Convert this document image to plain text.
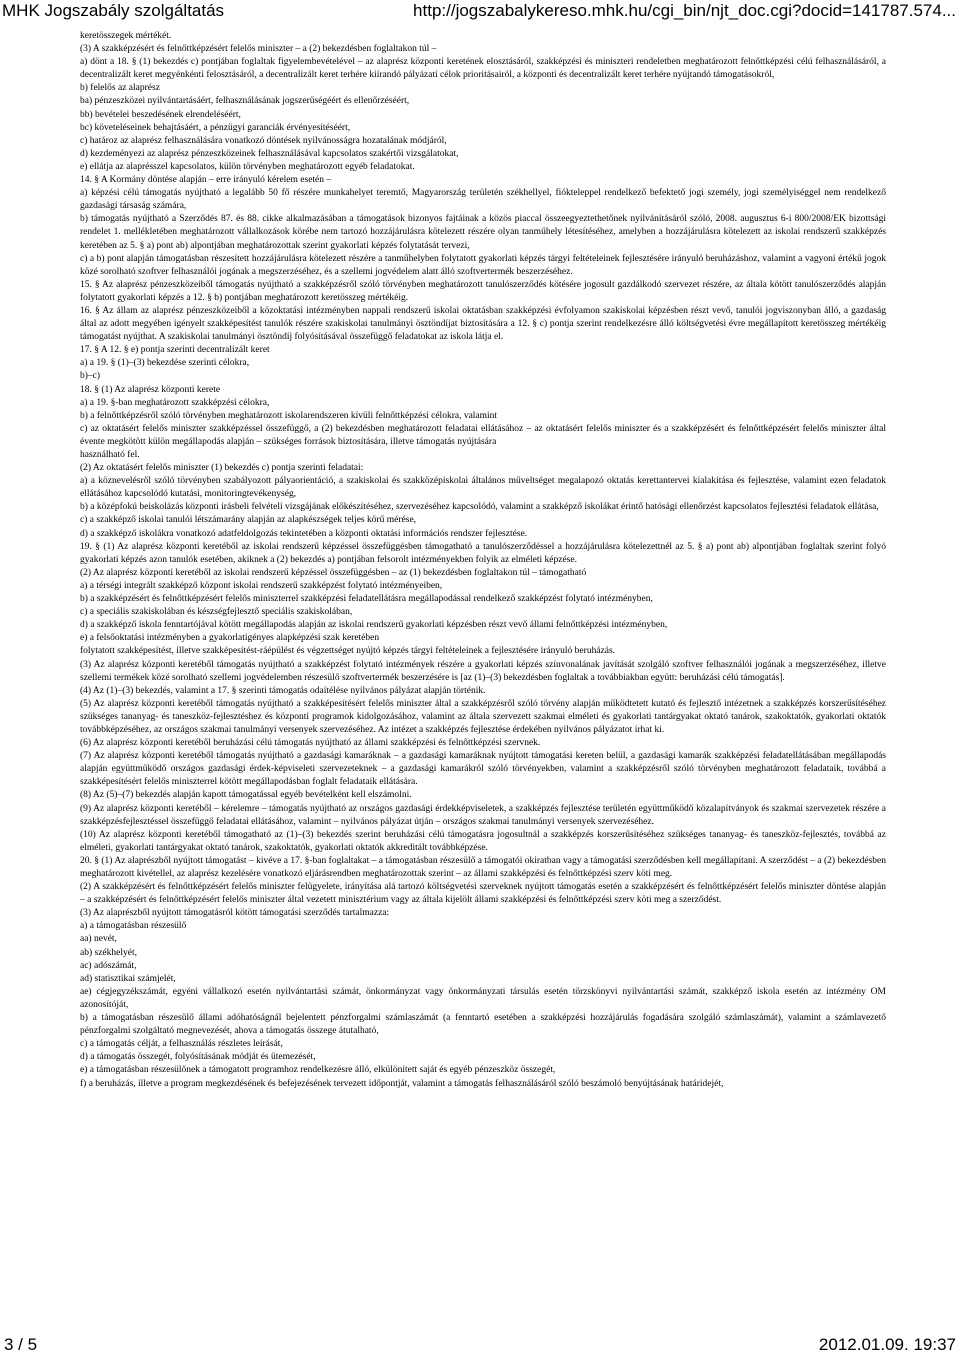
MHK Jogszabály szolgáltatás	http://jogszabalykereso.mhk.hu/cgi_bin/njt_doc.cgi?docid=141787.574...

keretösszegek mértékét.

(3) A szakképzésért és felnőttképzésért felelős miniszter – a (2) bekezdésben foglaltakon túl –

a) dönt a 18. § (1) bekezdés c) pontjában foglaltak figyelembevételével – az alaprész központi keretének elosztásáról, szakképzési és miniszteri rendeletben meghatározott felnőttképzési célú felhasználásáról, a decentralizált keret megyénkénti felosztásáról, a decentralizált keret terhére kiírandó pályázati célok prioritásairól, a központi és decentralizált keret terhére nyújtandó támogatásokról,

b) felelős az alaprész

ba) pénzeszközei nyilvántartásáért, felhasználásának jogszerűségéért és ellenőrzéséért,

bb) bevételei beszedésének elrendeléséért,

bc) követeléseinek behajtásáért, a pénzügyi garanciák érvényesítéséért,

c) határoz az alaprész felhasználására vonatkozó döntések nyilvánosságra hozatalának módjáról,

d) kezdeményezi az alaprész pénzeszközeinek felhasználásával kapcsolatos szakértői vizsgálatokat,

e) ellátja az alaprésszel kapcsolatos, külön törvényben meghatározott egyéb feladatokat.

14. § A Kormány döntése alapján – erre irányuló kérelem esetén –

a) képzési célú támogatás nyújtható a legalább 50 fő részére munkahelyet teremtő, Magyarország területén székhellyel, fióktelеppel rendelkező befektető jogi személy, jogi személyiséggel nem rendelkező gazdasági társaság számára,

b) támogatás nyújtható a Szerződés 87. és 88. cikke alkalmazásában a támogatások bizonyos fajtáinak a közös piaccal összeegyeztethetőnek nyilvánításáról szóló, 2008. augusztus 6-i 800/2008/EK bizottsági rendelet 1. mellékletében meghatározott vállalkozások körébe nem tartozó hozzájárulásra kötelezett részére olyan tanműhely létesítéséhez, amelyben a hozzájárulásra kötelezett az iskolai rendszerű szakképzés keretében az 5. § a) pont ab) alpontjában meghatározottak szerint gyakorlati képzés folytatását tervezi,

c) a b) pont alapján támogatásban részesített hozzájárulásra kötelezett részére a tanműhelyben folytatott gyakorlati képzés tárgyi feltételeinek fejlesztésére irányuló beruházáshoz, valamint a vagyoni értékű jogok közé sorolható szoftver felhasználói jogának a megszerzéséhez, és a szellemi jogvédelem alatt álló szoftvertermék beszerzéséhez.

15. § Az alaprész pénzeszközeiből támogatás nyújtható a szakképzésről szóló törvényben meghatározott tanulószerződés kötésére jogosult gazdálkodó szervezet részére, az általa kötött tanulószerződés alapján folytatott gyakorlati képzés a 12. § b) pontjában meghatározott keretösszeg mértékéig.

16. § Az állam az alaprész pénzeszközeiből a közoktatási intézményben nappali rendszerű iskolai oktatásban szakképzési évfolyamon szakiskolai képzésben részt vevő, tanulói jogviszonyban álló, a gazdaság által az adott megyében igényelt szakképesítést tanulók részére szakiskolai tanulmányi ösztöndíjat biztosítására a 12. § c) pontja szerint rendelkezésre álló költségvetési évre megállapított keretösszeg mértékéig támogatást nyújthat. A szakiskolai tanulmányi ösztöndíj folyósításával összefüggő feladatokat az iskola látja el.

17. § A 12. § e) pontja szerinti decentralizált keret

a) a 19. § (1)–(3) bekezdése szerinti célokra,

b)–c)

18. § (1) Az alaprész központi kerete

a) a 19. §-ban meghatározott szakképzési célokra,

b) a felnőttképzésről szóló törvényben meghatározott iskolarendszeren kívüli felnőttképzési célokra, valamint

c) az oktatásért felelős miniszter szakképzéssel összefüggő, a (2) bekezdésben meghatározott feladatai ellátásához – az oktatásért felelős miniszter és a szakképzésért és felnőttképzésért felelős miniszter által évente megkötött külön megállapodás alapján – szükséges források biztosítására, illetve támogatás nyújtására

használható fel.

(2) Az oktatásért felelős miniszter (1) bekezdés c) pontja szerinti feladatai:

a) a köznevelésről szóló törvényben szabályozott pályaorientáció, a szakiskolai és szakközépiskolai általános műveltséget megalapozó oktatás kerettantervei kialakítása és fejlesztése, valamint ezen feladatok ellátásához kapcsolódó kutatási, monitoringtevékenység,

b) a középfokú beiskolázás központi írásbeli felvételi vizsgájának előkészítéséhez, szervezéséhez kapcsolódó, valamint a szakképző iskolákat érintő hatósági ellenőrzést kapcsolatos fejlesztési feladatok ellátása,

c) a szakképző iskolai tanulói létszámarány alapján az alapkészségek teljes körű mérése,

d) a szakképző iskolákra vonatkozó adatfeldolgozás tekintetében a központi oktatási információs rendszer fejlesztése.

19. § (1) Az alaprész központi keretéből az iskolai rendszerű képzéssel összefüggésben támogatható a tanulószerződéssel a hozzájárulásra kötelezettnél az 5. § a) pont ab) alpontjában foglaltak szerint folyó gyakorlati képzés azon tanulók esetében, akiknek a (2) bekezdés a) pontjában felsorolt intézményekben folyik az elméleti képzése.

(2) Az alaprész központi keretéből az iskolai rendszerű képzéssel összefüggésben – az (1) bekezdésben foglaltakon túl – támogatható

a) a térségi integrált szakképző központ iskolai rendszerű szakképzést folytató intézményeiben,

b) a szakképzésért és felnőttképzésért felelős miniszterrel szakképzési feladatellátásra megállapodással rendelkező szakképzést folytató intézményben,

c) a speciális szakiskolában és készségfejlesztő speciális szakiskolában,

d) a szakképző iskola fenntartójával kötött megállapodás alapján az iskolai rendszerű gyakorlati képzésben részt vevő állami felnőttképzési intézményben,

e) a felsőoktatási intézményben a gyakorlatigényes alapképzési szak keretében

folytatott szakképesítést, illetve szakképesítést-ráépülést és végzettséget nyújtó képzés tárgyi feltételeinek a fejlesztésére irányuló beruházás.

(3) Az alaprész központi keretéből támogatás nyújtható a szakképzést folytató intézmények részére a gyakorlati képzés színvonalának javítását szolgáló szoftver felhasználói jogának a megszerzéséhez, illetve szellemi termékek közé sorolható szellemi jogvédelemben részesülő szoftvertermék beszerzésére is [az (1)–(3) bekezdésben foglaltak a továbbiakban együtt: beruházási célú támogatás].

(4) Az (1)–(3) bekezdés, valamint a 17. § szerinti támogatás odaítélése nyilvános pályázat alapján történik.

(5) Az alaprész központi keretéből támogatás nyújtható a szakképesítésért felelős miniszter által a szakképzésről szóló törvény alapján működtetett kutató és fejlesztő intézetnek a szakképzés korszerűsítéséhez szükséges tananyag- és taneszköz-fejlesztéshez és központi programok kidolgozásához, valamint az általa szervezett szakmai elméleti és gyakorlati tantárgyakat oktató tanárok, szakoktatók, gyakorlati oktatók továbbképzéséhez, az országos szakmai tanulmányi versenyek szervezéséhez. Az intézet a szakképzés fejlesztése érdekében nyilvános pályázatot írhat ki.

(6) Az alaprész központi keretéből beruházási célú támogatás nyújtható az állami szakképzési és felnőttképzési szervnek.

(7) Az alaprész központi keretéből támogatás nyújtható a gazdasági kamaráknak – a gazdasági kamaráknak nyújtott támogatási kereten belül, a gazdasági kamarák szakképzési feladatellátásában megállapodás alapján együttműködő országos gazdasági érdek-képviseleti szervezeteknek – a gazdasági kamarákról szóló törvényekben, valamint a szakképzésről szóló törvényben meghatározott feladataik, továbbá a szakképesítésért felelős miniszterrel kötött megállapodásban foglalt feladataik ellátására.

(8) Az (5)–(7) bekezdés alapján kapott támogatással egyéb bevételként kell elszámolni.

(9) Az alaprész központi keretéből – kérelemre – támogatás nyújtható az országos gazdasági érdekképviseletek, a szakképzés fejlesztése területén együttműködő közalapítványok és szakmai szervezetek részére a szakképzésfejlesztéssel összefüggő feladatai ellátásához, valamint – nyilvános pályázat útján – országos szakmai tanulmányi versenyek szervezéséhez.

(10) Az alaprész központi keretéből támogatható az (1)–(3) bekezdés szerint beruházási célú támogatásra jogosultnál a szakképzés korszerűsítéséhez szükséges tananyag- és taneszköz-fejlesztés, továbbá az elméleti, gyakorlati tantárgyakat oktató tanárok, szakoktatók, gyakorlati oktatók akkreditált továbbképzése.

20. § (1) Az alaprészből nyújtott támogatást – kivéve a 17. §-ban foglaltakat – a támogatásban részesülő a támogatói okiratban vagy a támogatási szerződésben kell megállapítani. A szerződést – a (2) bekezdésben meghatározott kivétellel, az alaprész kezelésére vonatkozó eljárásrendben meghatározottak szerint – az állami szakképzési és felnőttképzési szerv köti meg.

(2) A szakképzésért és felnőttképzésért felelős miniszter felügyelete, irányítása alá tartozó költségvetési szerveknek nyújtott támogatás esetén a szakképzésért és felnőttképzésért felelős miniszter döntése alapján – a szakképzésért és felnőttképzésért felelős miniszter által vezetett minisztérium vagy az általa kijelölt állami szakképzési és felnőttképzési szerv köti meg a szerződést.

(3) Az alaprészből nyújtott támogatásról kötött támogatási szerződés tartalmazza:

a) a támogatásban részesülő

aa) nevét,

ab) székhelyét,

ac) adószámát,

ad) statisztikai számjelét,

ae) cégjegyzékszámát, egyéni vállalkozó esetén nyilvántartási számát, önkormányzat vagy önkormányzati társulás esetén törzskönyvi nyilvántartási számát, szakképző iskola esetén az intézmény OM azonosítóját,

b) a támogatásban részesülő állami adóhatóságnál bejelentett pénzforgalmi számlaszámát (a fenntartó esetében a szakképzési hozzájárulás fogadására szolgáló számlaszámát), valamint a számlavezető pénzforgalmi szolgáltató megnevezését, ahova a támogatás összege átutalható,

c) a támogatás célját, a felhasználás részletes leírását,

d) a támogatás összegét, folyósításának módját és ütemezését,

e) a támogatásban részesülőnek a támogatott programhoz rendelkezésre álló, elkülönített saját és egyéb pénzeszköz összegét,

f) a beruházás, illetve a program megkezdésének és befejezésének tervezett időpontját, valamint a támogatás felhasználásáról szóló beszámoló benyújtásának határidejét,

3 / 5	2012.01.09. 19:37
